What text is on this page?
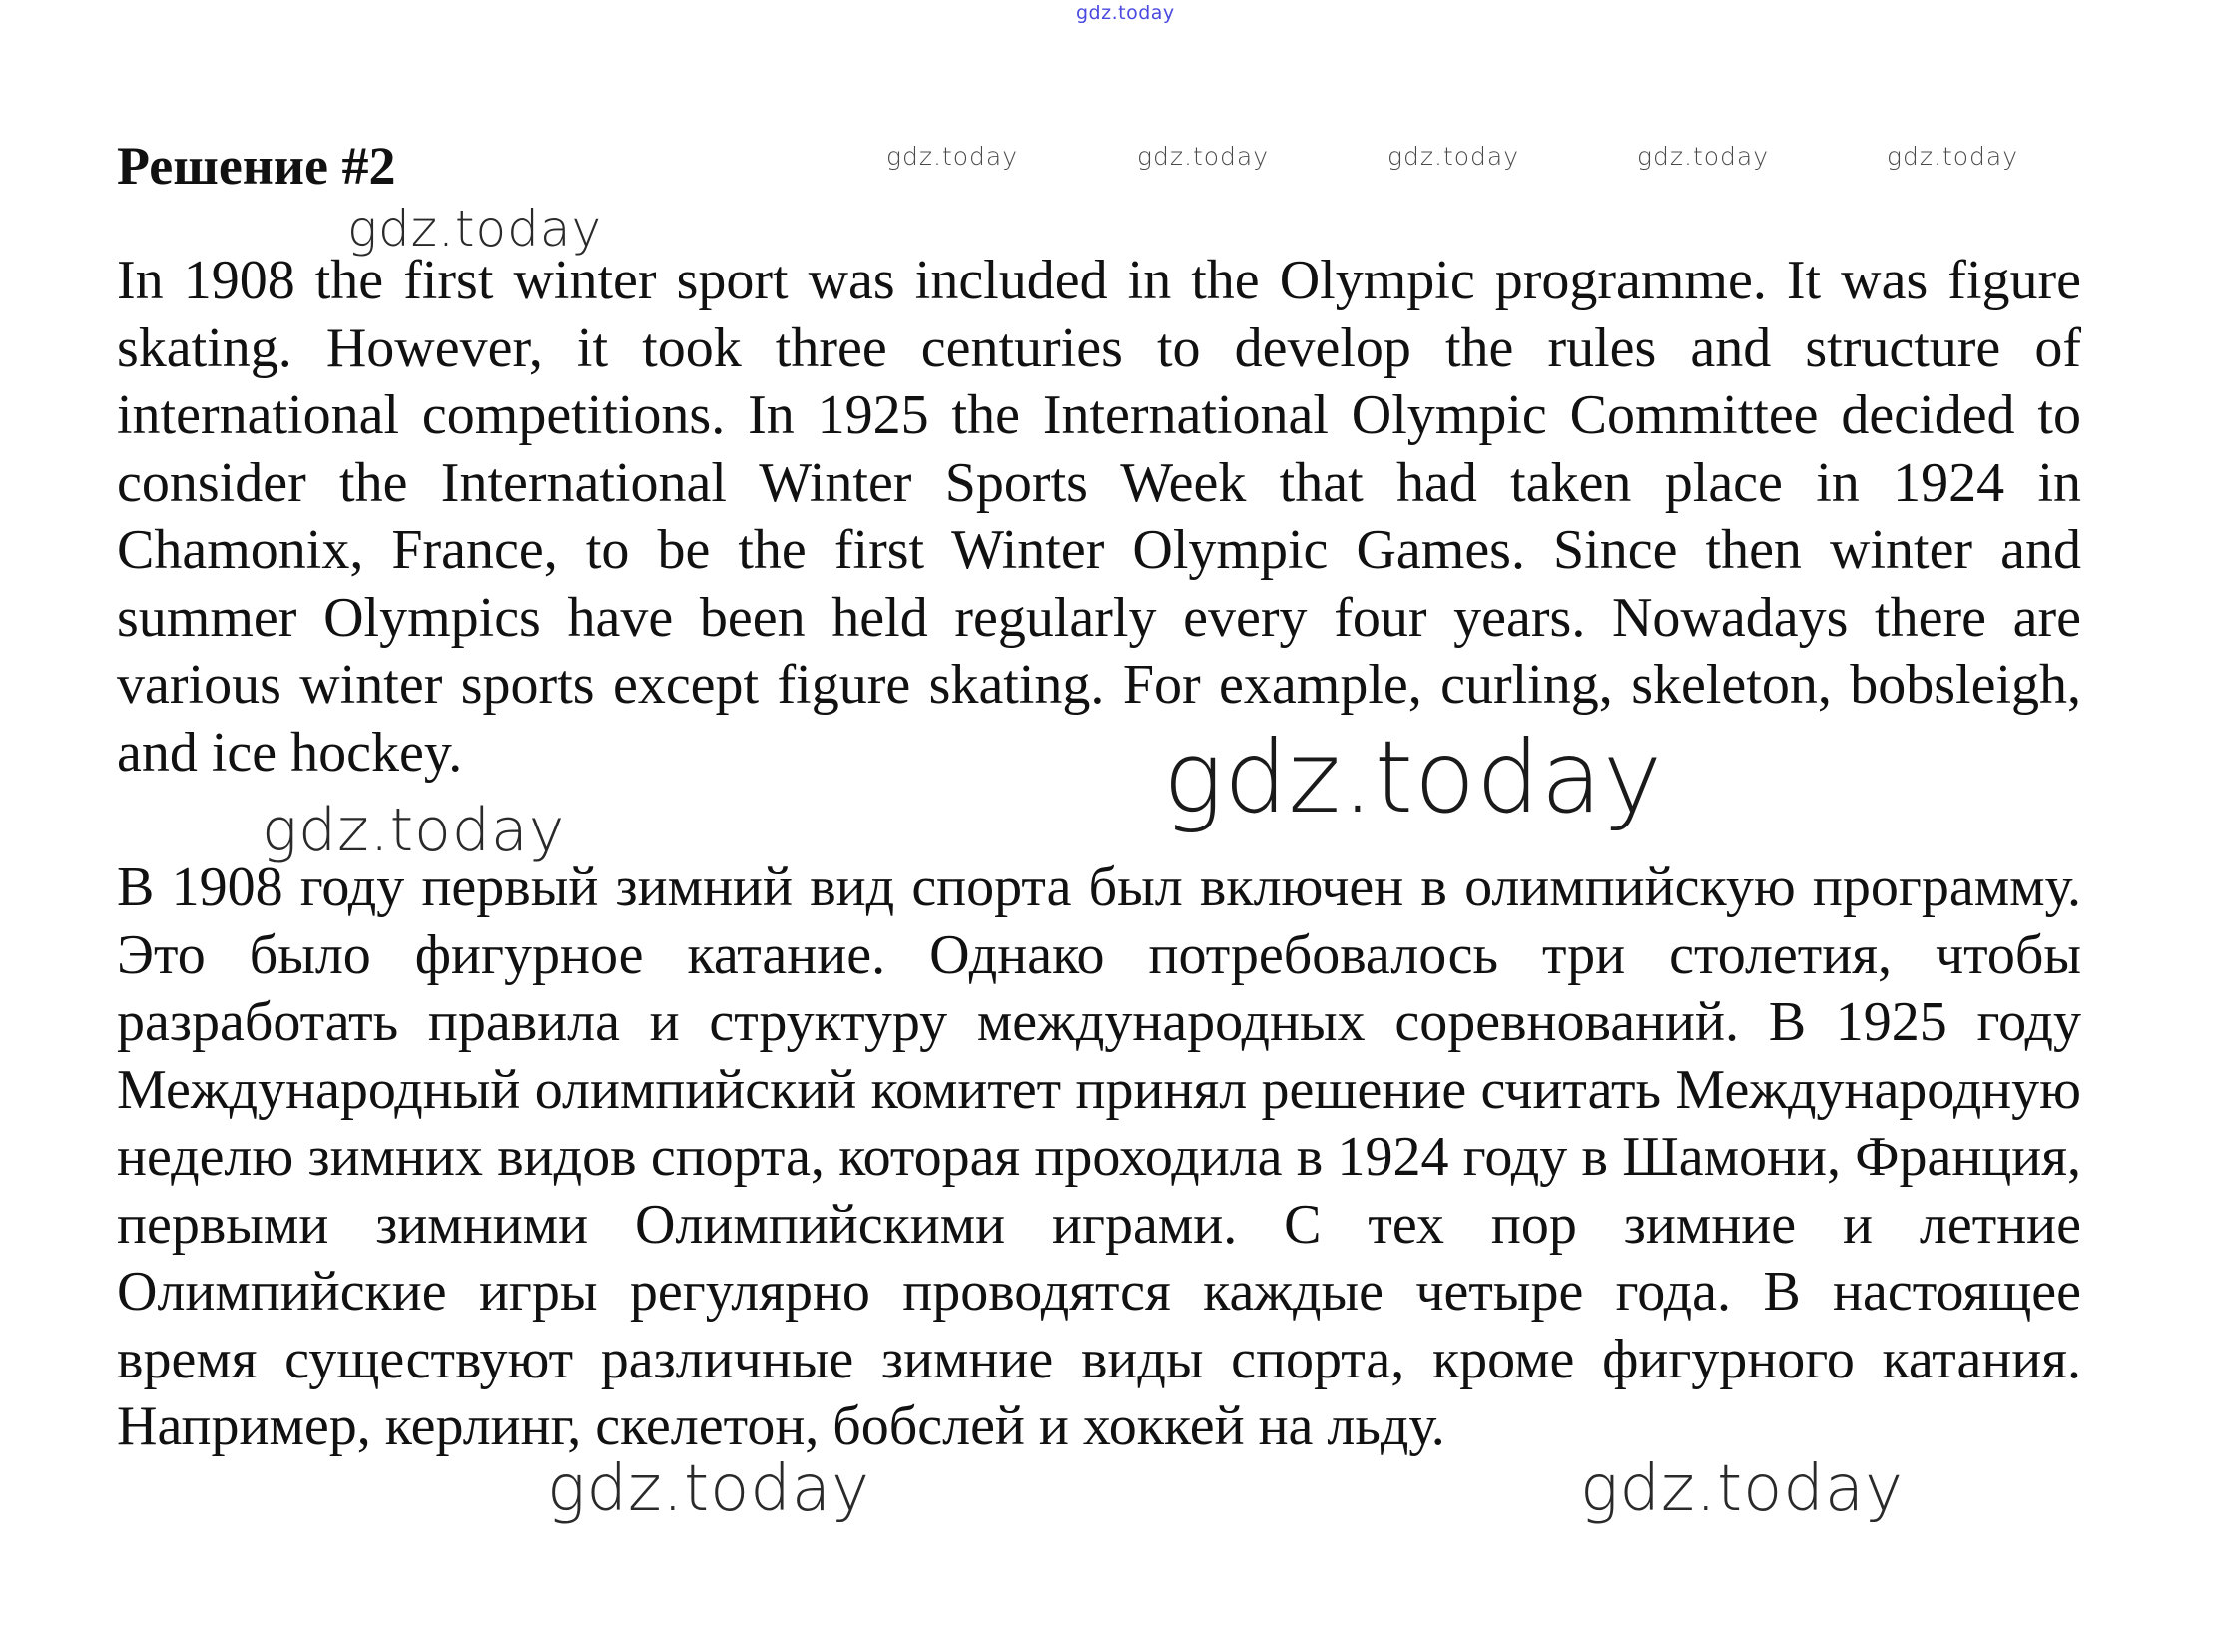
gdz.today
Решение #2	gdz.today	gdz.today	gdz.today	gdz.today	gdz.today
gdz.today

In 1908 the first winter sport was included in the Olympic programme. It was figure skating. However, it took three centuries to develop the rules and structure of international competitions. In 1925 the International Olympic Committee decided to consider the International Winter Sports Week that had taken place in 1924 in Chamonix, France, to be the first Winter Olympic Games. Since then winter and summer Olympics have been held regularly every four years. Nowadays there are various winter sports except figure skating. For example, curling, skeleton, bobsleigh, and ice hockey.	gdz.today
gdz.today

В 1908 году первый зимний вид спорта был включен в олимпийскую программу. Это было фигурное катание. Однако потребовалось три столетия, чтобы разработать правила и структуру международных соревнований. В 1925 году Международный олимпийский комитет принял решение считать Международную неделю зимних видов спорта, которая проходила в 1924 году в Шамони, Франция, первыми зимними Олимпийскими играми. С тех пор зимние и летние Олимпийские игры регулярно проводятся каждые четыре года. В настоящее время существуют различные зимние виды спорта, кроме фигурного катания. Например, керлинг, скелетон, бобслей и хоккей на льду.

gdz.today	gdz.today
